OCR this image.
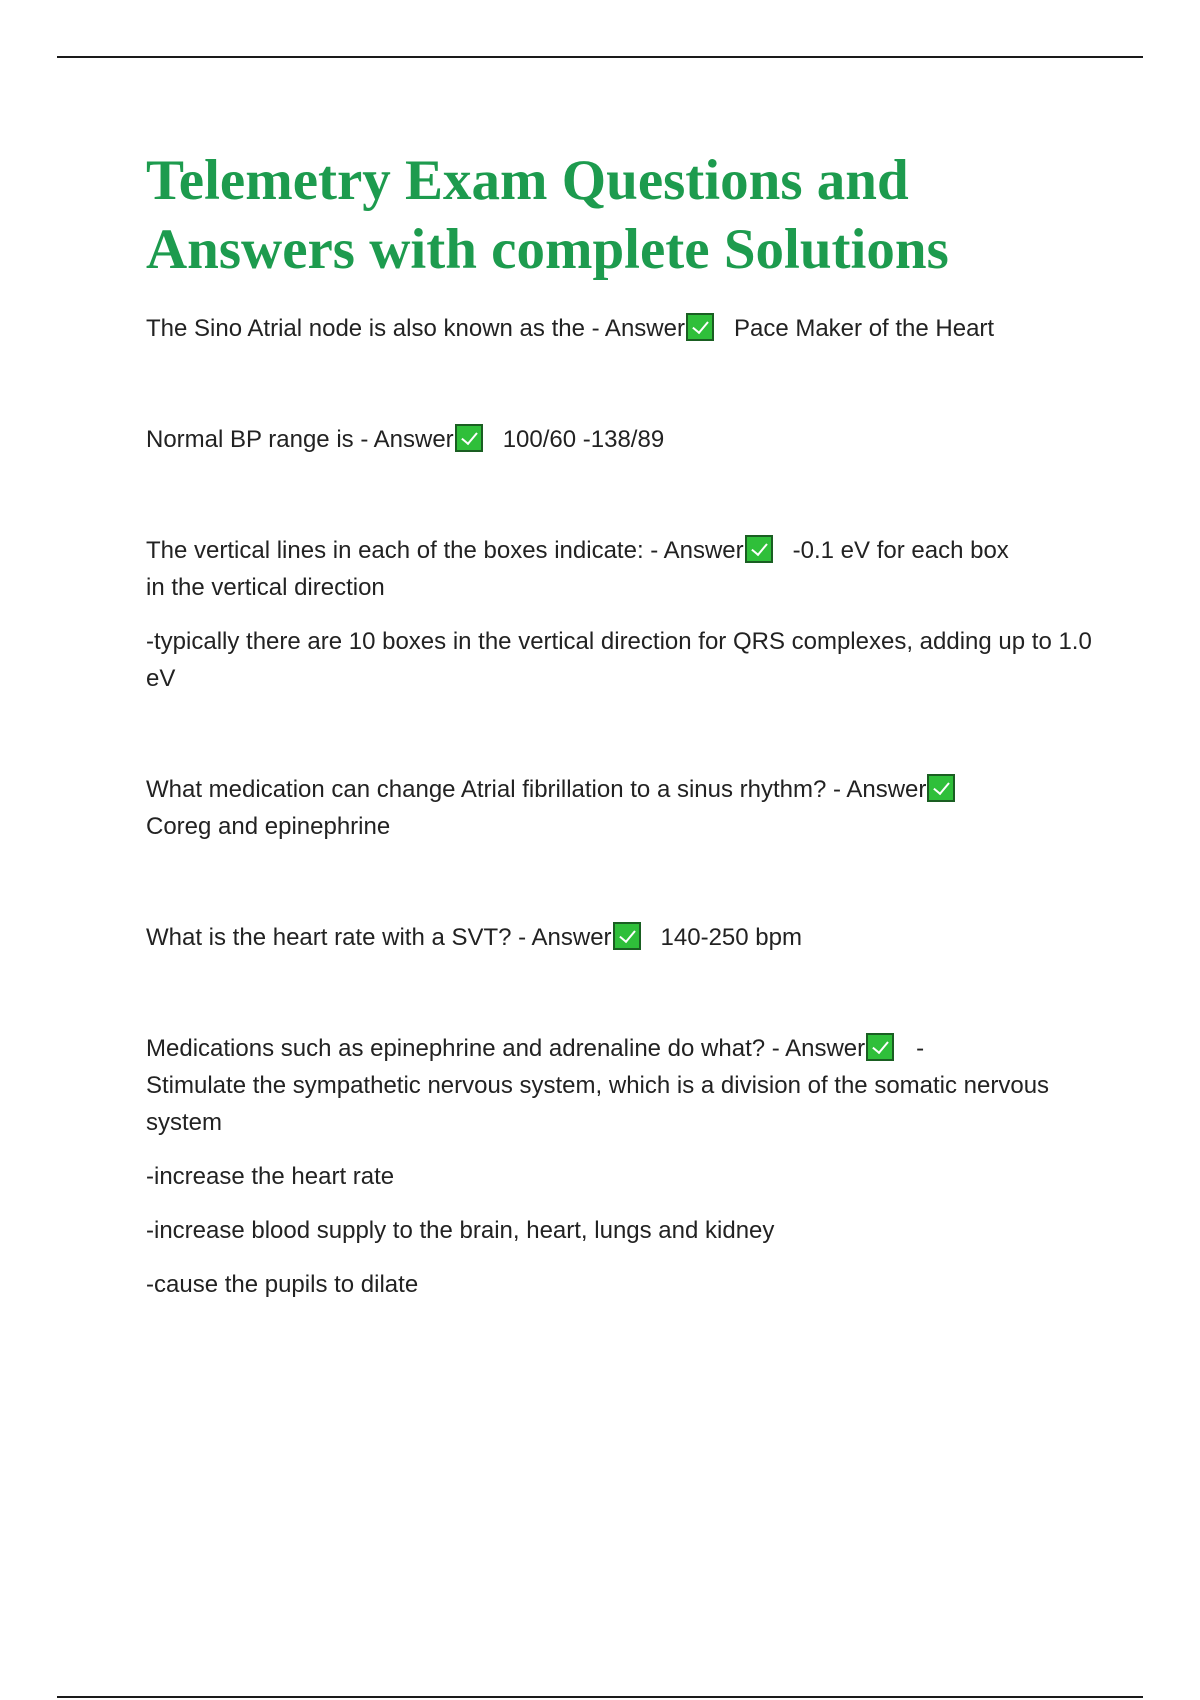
Telemetry Exam Questions and
Answers with complete Solutions

The Sino Atrial node is also known as the - Answer Pace Maker of the Heart

Normal BP range is - Answer 100/60 -138/89

The vertical lines in each of the boxes indicate: - Answer -0.1 eV for each box
in the vertical direction

-typically there are 10 boxes in the vertical direction for QRS complexes, adding up to 1.0 eV

What medication can change Atrial fibrillation to a sinus rhythm? - Answer
Coreg and epinephrine

What is the heart rate with a SVT? - Answer 140-250 bpm

Medications such as epinephrine and adrenaline do what? - Answer -
Stimulate the sympathetic nervous system, which is a division of the somatic nervous system

-increase the heart rate

-increase blood supply to the brain, heart, lungs and kidney

-cause the pupils to dilate
